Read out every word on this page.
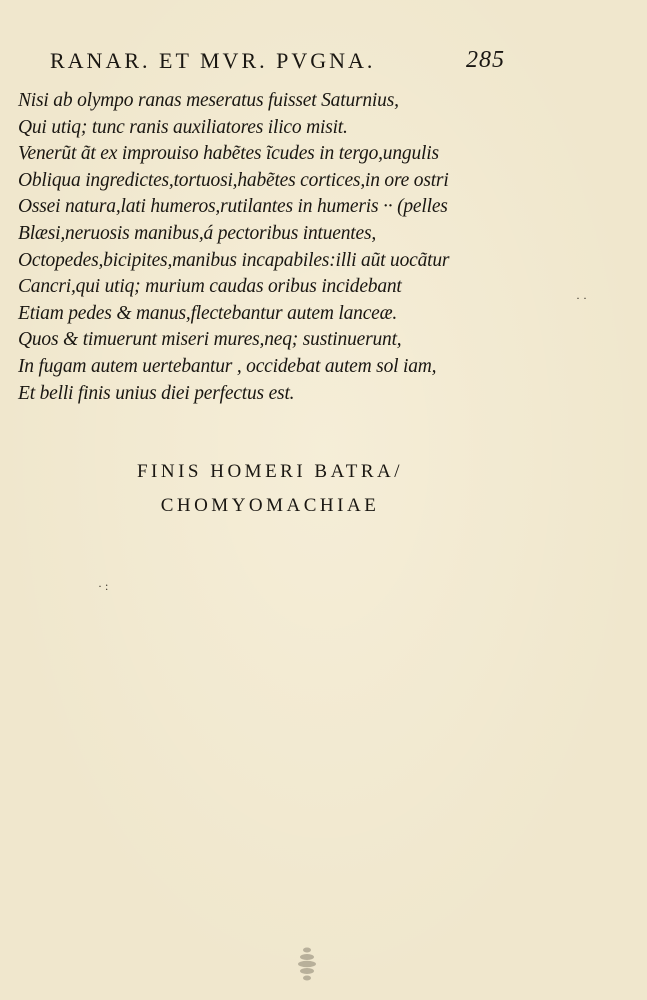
RANAR. ET MVR. PVGNA.	285
Nisi ab olympo ranas meseratus fuisset Saturnius,
Qui utiq; tunc ranis auxiliatores ilico misit.
Venerũt ãt ex improuiso habẽtes ĩcudes in tergo,ungulis
Obliqua ingredictes,tortuosi,habẽtes cortices,in ore ostri
Ossei natura,lati humeros,rutilantes in humeris ·· (pelles
Blæsi,neruosis manibus,á pectoribus intuentes,
Octopedes,bicipites,manibus incapabiles:illi aũt uocãtur
Cancri,qui utiq; murium caudas oribus incidebant
Etiam pedes & manus,flectebantur autem lanceæ.
Quos & timuerunt miseri mures,neq; sustinuerunt,
In fugam autem uertebantur , occidebat autem sol iam,
Et belli finis unius diei perfectus est.
FINIS HOMERI BATRA/
CHOMYOMACHIAE
· ·
· :
